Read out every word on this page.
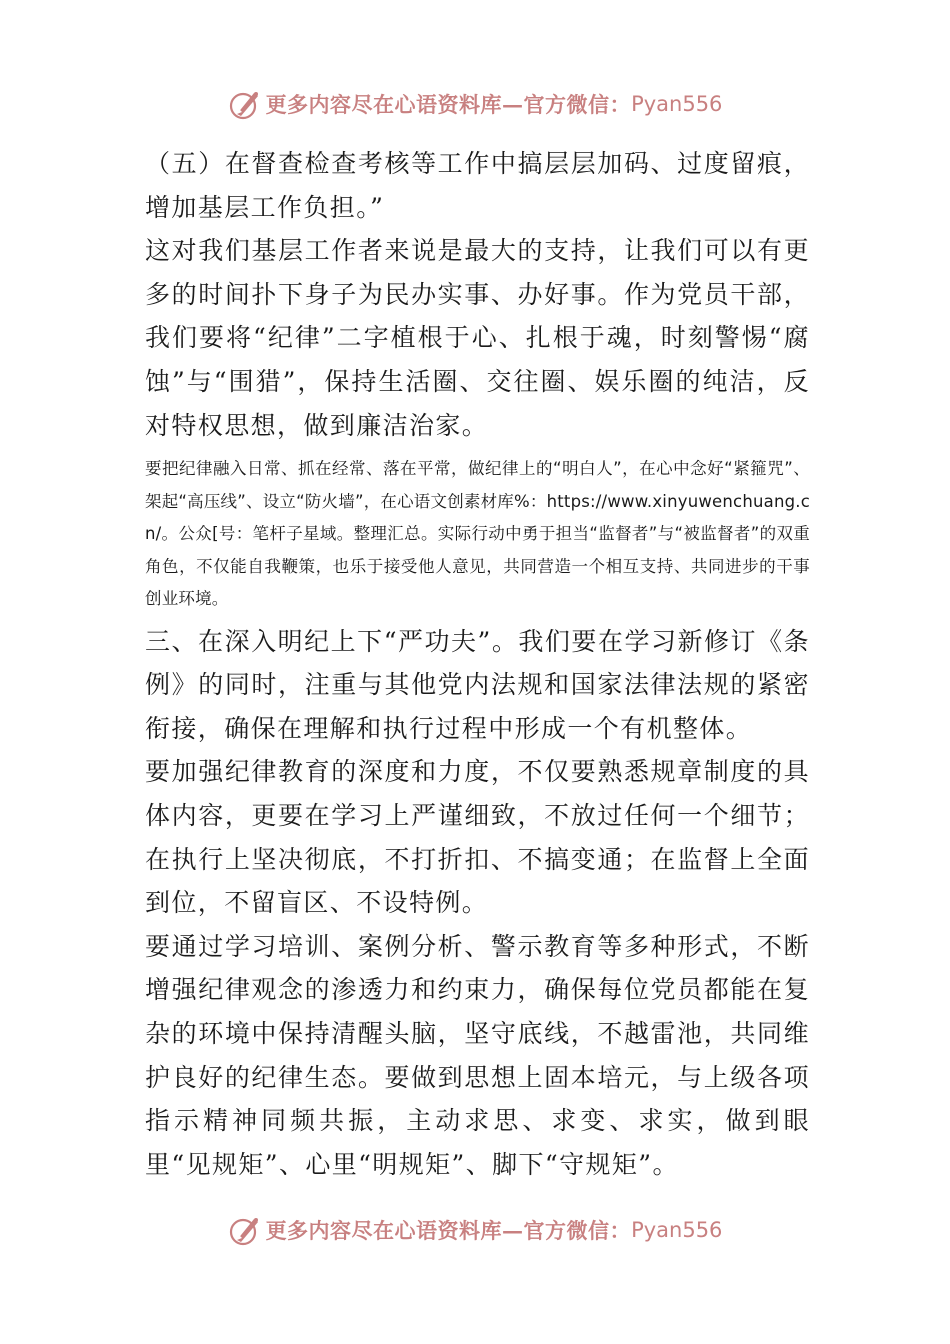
更多内容尽在心语资料库—官方微信： Pyan556

（五）在督查检查考核等工作中搞层层加码、过度留痕，增加基层工作负担。”

这对我们基层工作者来说是最大的支持，让我们可以有更多的时间扑下身子为民办实事、办好事。作为党员干部，我们要将“纪律”二字植根于心、扎根于魂，时刻警惕“腐蚀”与“围猎”，保持生活圈、交往圈、娱乐圈的纯洁，反对特权思想，做到廉洁治家。

要把纪律融入日常、抓在经常、落在平常，做纪律上的“明白人”，在心中念好“紧箍咒”、架起“高压线”、设立“防火墙”，在心语文创素材库%：https://www.xinyuwenchuang.cn/。公众[号：笔杆子星域。整理汇总。实际行动中勇于担当“监督者”与“被监督者”的双重角色，不仅能自我鞭策，也乐于接受他人意见，共同营造一个相互支持、共同进步的干事创业环境。

三、在深入明纪上下“严功夫”。我们要在学习新修订《条例》的同时，注重与其他党内法规和国家法律法规的紧密衔接，确保在理解和执行过程中形成一个有机整体。

要加强纪律教育的深度和力度，不仅要熟悉规章制度的具体内容，更要在学习上严谨细致，不放过任何一个细节；在执行上坚决彻底，不打折扣、不搞变通；在监督上全面到位，不留盲区、不设特例。

要通过学习培训、案例分析、警示教育等多种形式，不断增强纪律观念的渗透力和约束力，确保每位党员都能在复杂的环境中保持清醒头脑，坚守底线，不越雷池，共同维护良好的纪律生态。要做到思想上固本培元，与上级各项指示精神同频共振，主动求思、求变、求实，做到眼里“见规矩”、心里“明规矩”、脚下“守规矩”。

更多内容尽在心语资料库—官方微信： Pyan556
